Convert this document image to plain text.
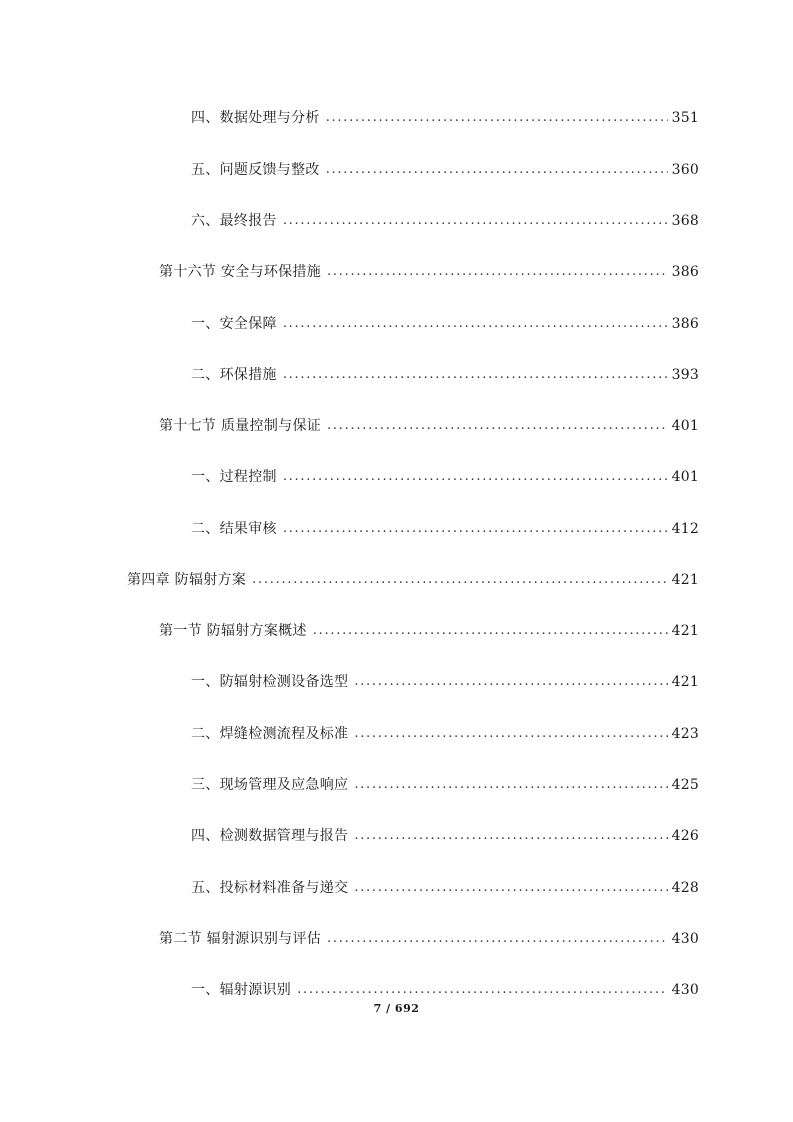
四、数据处理与分析 . . .	351
五、问题反馈与整改 . . .	360
六、最终报告 . . .	368
第十六节 安全与环保措施 . . .	386
一、安全保障 . . .	386
二、环保措施 . . .	393
第十七节 质量控制与保证 . . .	401
一、过程控制 . . .	401
二、结果审核 . . .	412
第四章 防辐射方案 . . .	421
第一节 防辐射方案概述 . . .	421
一、防辐射检测设备选型 . . .	421
二、焊缝检测流程及标准 . . .	423
三、现场管理及应急响应 . . .	425
四、检测数据管理与报告 . . .	426
五、投标材料准备与递交 . . .	428
第二节 辐射源识别与评估 . . .	430
一、辐射源识别 . . .	430
7 / 692
